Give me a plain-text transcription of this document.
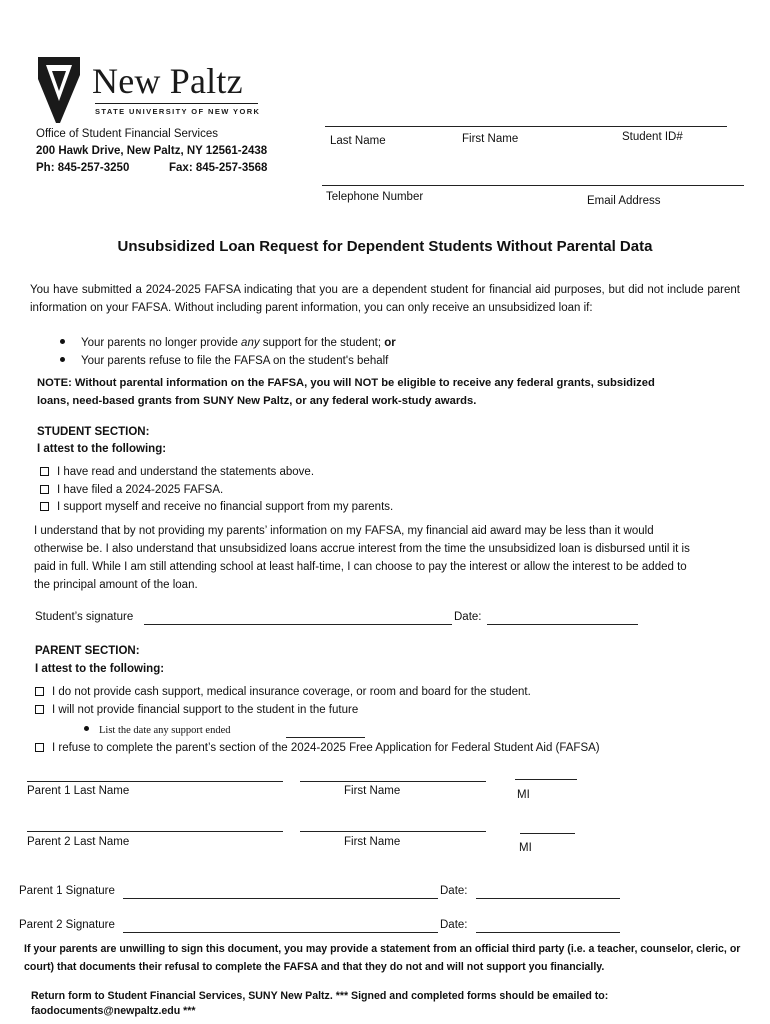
New Paltz
STATE UNIVERSITY OF NEW YORK
Office of Student Financial Services
200 Hawk Drive, New Paltz, NY 12561-2438
Ph: 845-257-3250	Fax: 845-257-3568
Last Name	First Name	Student ID#
Telephone Number	Email Address
Unsubsidized Loan Request for Dependent Students Without Parental Data
You have submitted a 2024-2025 FAFSA indicating that you are a dependent student for financial aid purposes, but did not include parent information on your FAFSA. Without including parent information, you can only receive an unsubsidized loan if:
Your parents no longer provide any support for the student; or
Your parents refuse to file the FAFSA on the student's behalf
NOTE: Without parental information on the FAFSA, you will NOT be eligible to receive any federal grants, subsidized loans, need-based grants from SUNY New Paltz, or any federal work-study awards.
STUDENT SECTION:
I attest to the following:
I have read and understand the statements above.
I have filed a 2024-2025 FAFSA.
I support myself and receive no financial support from my parents.
I understand that by not providing my parents’ information on my FAFSA, my financial aid award may be less than it would otherwise be. I also understand that unsubsidized loans accrue interest from the time the unsubsidized loan is disbursed until it is paid in full. While I am still attending school at least half-time, I can choose to pay the interest or allow the interest to be added to the principal amount of the loan.
Student’s signature	Date:
PARENT SECTION:
I attest to the following:
I do not provide cash support, medical insurance coverage, or room and board for the student.
I will not provide financial support to the student in the future
List the date any support ended
I refuse to complete the parent’s section of the 2024-2025 Free Application for Federal Student Aid (FAFSA)
Parent 1 Last Name	First Name	MI
Parent 2 Last Name	First Name	MI
Parent 1 Signature	Date:
Parent 2 Signature	Date:
If your parents are unwilling to sign this document, you may provide a statement from an official third party (i.e. a teacher, counselor, cleric, or court) that documents their refusal to complete the FAFSA and that they do not and will not support you financially.
Return form to Student Financial Services, SUNY New Paltz. *** Signed and completed forms should be emailed to:
faodocuments@newpaltz.edu ***
